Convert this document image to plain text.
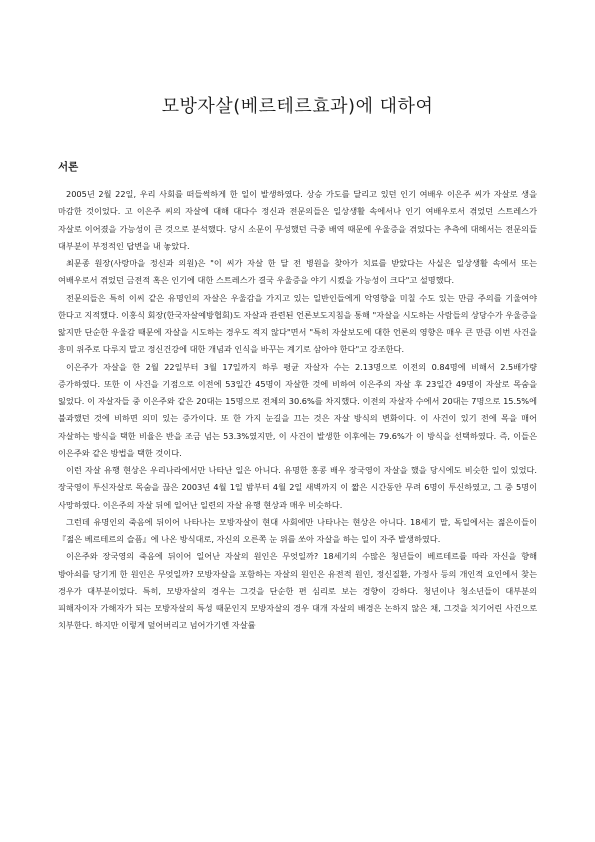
모방자살(베르테르효과)에 대하여
서론

2005년 2월 22일, 우리 사회를 떠들썩하게 한 일이 발생하였다. 상승 가도를 달리고 있던 인기 여배우 이은주 씨가 자살로 생을 마감한 것이었다. 고 이은주 씨의 자살에 대해 대다수 정신과 전문의들은 일상생활 속에서나 인기 여배우로서 겪었던 스트레스가 자살로 이어졌을 가능성이 큰 것으로 분석했다. 당시 소문이 무성했던 극중 배역 때문에 우울증을 겪었다는 추측에 대해서는 전문의들 대부분이 부정적인 답변을 내 놓았다.

최문종 원장(사랑마을 정신과 의원)은 "이 씨가 자살 한 달 전 병원을 찾아가 치료를 받았다는 사실은 일상생활 속에서 또는 여배우로서 겪었던 금전적 혹은 인기에 대한 스트레스가 결국 우울증을 야기 시켰을 가능성이 크다"고 설명했다.

전문의들은 특히 이씨 같은 유명인의 자살은 우울감을 가지고 있는 일반인들에게 악영향을 미칠 수도 있는 만큼 주의를 기울여야 한다고 지적했다. 이홍식 회장(한국자살예방협회)도 자살과 관련된 언론보도지침을 통해 "자살을 시도하는 사람들의 상당수가 우울증을 앓지만 단순한 우울감 때문에 자살을 시도하는 경우도 적지 않다"면서 "특히 자살보도에 대한 언론의 영향은 매우 큰 만큼 이번 사건을 흥미 위주로 다루지 말고 정신건강에 대한 개념과 인식을 바꾸는 계기로 삼아야 한다"고 강조한다.

이은주가 자살을 한 2월 22일부터 3월 17일까지 하루 평균 자살자 수는 2.13명으로 이전의 0.84명에 비해서 2.5배가량 증가하였다. 또한 이 사건을 기점으로 이전에 53일간 45명이 자살한 것에 비하여 이은주의 자살 후 23일간 49명이 자살로 목숨을 잃었다. 이 자살자들 중 이은주와 같은 20대는 15명으로 전체의 30.6%를 차지했다. 이전의 자살자 수에서 20대는 7명으로 15.5%에 불과했던 것에 비하면 의미 있는 증가이다. 또 한 가지 눈길을 끄는 것은 자살 방식의 변화이다. 이 사건이 있기 전에 목을 매어 자살하는 방식을 택한 비율은 반을 조금 넘는 53.3%였지만, 이 사건이 발생한 이후에는 79.6%가 이 방식을 선택하였다. 즉, 이들은 이은주와 같은 방법을 택한 것이다.

이런 자살 유행 현상은 우리나라에서만 나타난 일은 아니다. 유명한 홍콩 배우 장국영이 자살을 했을 당시에도 비슷한 일이 있었다. 장국영이 투신자살로 목숨을 끊은 2003년 4월 1일 밤부터 4월 2일 새벽까지 이 짧은 시간동안 무려 6명이 투신하였고, 그 중 5명이 사망하였다. 이은주의 자살 뒤에 일어난 일련의 자살 유행 현상과 매우 비슷하다.

그런데 유명인의 죽음에 뒤이어 나타나는 모방자살이 현대 사회에만 나타나는 현상은 아니다. 18세기 말, 독일에서는 젊은이들이 『젊은 베르테르의 슬픔』에 나온 방식대로, 자신의 오른쪽 눈 위를 쏘아 자살을 하는 일이 자주 발생하였다.

이은주와 장국영의 죽음에 뒤이어 일어난 자살의 원인은 무엇일까? 18세기의 수많은 청년들이 베르테르를 따라 자신을 향해 방아쇠를 당기게 한 원인은 무엇일까? 모방자살을 포함하는 자살의 원인은 유전적 원인, 정신질환, 가정사 등의 개인적 요인에서 찾는 경우가 대부분이었다. 특히, 모방자살의 경우는 그것을 단순한 편 심리로 보는 경향이 강하다. 청년이나 청소년들이 대부분의 피해자이자 가해자가 되는 모방자살의 특성 때문인지 모방자살의 경우 대개 자살의 배경은 논하지 않은 채, 그것을 치기어린 사건으로 치부한다. 하지만 이렇게 덮어버리고 넘어가기엔 자살률
